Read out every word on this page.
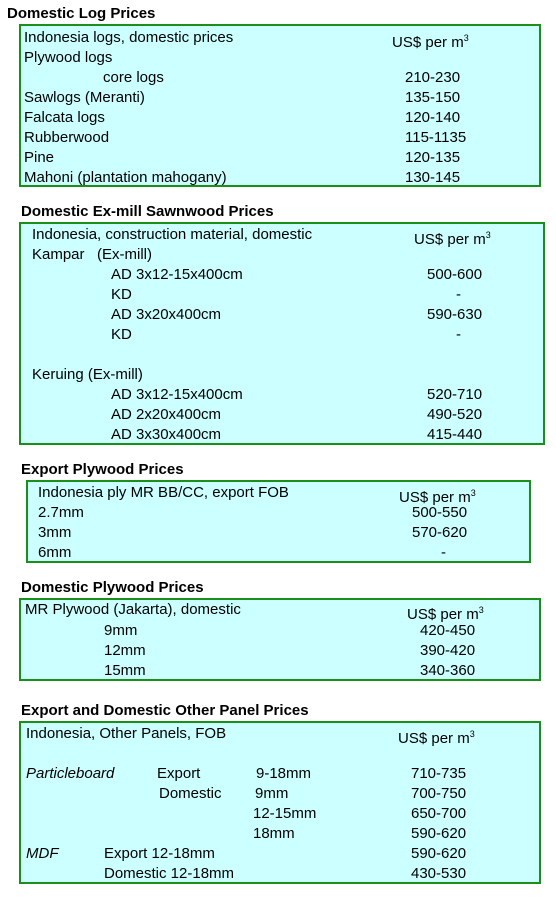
Domestic Log Prices
Indonesia logs, domestic prices	US$ per $m^3$
Plywood logs
core logs	210-230
Sawlogs (Meranti)	135-150
Falcata logs	120-140
Rubberwood	115-1135
Pine	120-135
Mahoni (plantation mahogany)	130-145
Domestic Ex-mill Sawnwood Prices
Indonesia, construction material, domestic	US$ per $m^3$
Kampar   (Ex-mill)
AD 3x12-15x400cm	500-600
KD	-
AD 3x20x400cm	590-630
KD	-
Keruing (Ex-mill)
AD 3x12-15x400cm	520-710
AD 2x20x400cm	490-520
AD 3x30x400cm	415-440
Export Plywood Prices
Indonesia ply MR BB/CC, export FOB	US$ per $m^3$
2.7mm	500-550
3mm	570-620
6mm	-
Domestic Plywood Prices
MR Plywood (Jakarta), domestic	US$ per $m^3$
9mm	420-450
12mm	390-420
15mm	340-360
Export and Domestic Other Panel Prices
Indonesia, Other Panels, FOB	US$ per $m^3$
Particleboard	Export	9-18mm	710-735
Domestic 9mm	700-750
12-15mm	650-700
18mm	590-620
MDF	Export 12-18mm	590-620
Domestic 12-18mm	430-530
